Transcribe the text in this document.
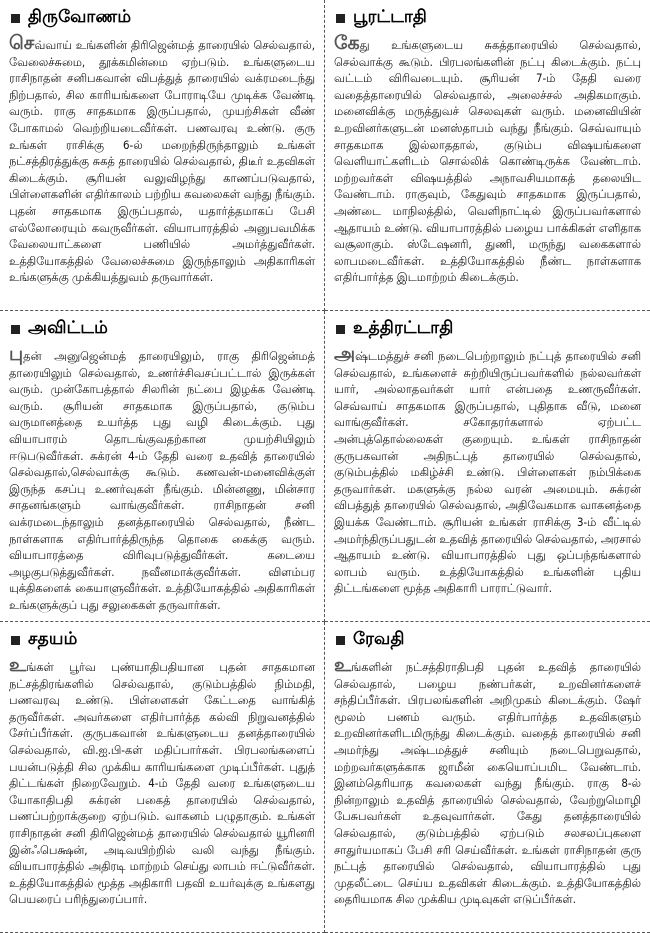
திருவோணம்
செவ்வாய் உங்களின் திரிஜென்மத் தாரையில் செல்வதால், வேலைச்சுமை, தூக்கமின்மை ஏற்படும். உங்களுடைய ராசிநாதன் சனிபகவான் விபத்துத் தாரையில் வக்ரமடைந்து நிற்பதால், சில காரியங்களை போராடியே முடிக்க வேண்டி வரும். ராகு சாதகமாக இருப்பதால், முயற்சிகள் வீண் போகாமல் வெற்றியடைவீர்கள். பணவரவு உண்டு. குரு உங்கள் ராசிக்கு 6-ல் மறைந்திருந்தாலும் உங்கள் நட்சத்திரத்துக்கு சுகத் தாரையில் செல்வதால், திடீர் உதவிகள் கிடைக்கும். சூரியன் வலுவிழந்து காணப்படுவதால், பிள்ளைகளின் எதிர்காலம் பற்றிய கவலைகள் வந்து நீங்கும். புதன் சாதகமாக இருப்பதால், யதார்த்தமாகப் பேசி எல்லோரையும் கவருவீர்கள். வியாபாரத்தில் அனுபவமிக்க வேலையாட்களை பணியில் அமர்த்துவீர்கள். உத்தியோகத்தில் வேலைச்சுமை இருந்தாலும் அதிகாரிகள் உங்களுக்கு முக்கியத்துவம் தருவார்கள்.
பூரட்டாதி
கேது உங்களுடைய சுகத்தாரையில் செல்வதால், செல்வாக்கு கூடும். பிரபலங்களின் நட்பு கிடைக்கும். நட்பு வட்டம் விரிவடையும். சூரியன் 7-ம் தேதி வரை வதைத்தாரையில் செல்வதால், அலைச்சல் அதிகமாகும். மனைவிக்கு மருத்துவச் செலவுகள் வரும். மனைவியின் உறவினர்களுடன் மனஸ்தாபம் வந்து நீங்கும். செவ்வாயும் சாதகமாக இல்லாததால், குடும்ப விஷயங்களை வெளியாட்களிடம் சொல்லிக் கொண்டிருக்க வேண்டாம். மற்றவர்கள் விஷயத்தில் அநாவசியமாகத் தலையிட வேண்டாம். ராகுவும், கேதுவும் சாதகமாக இருப்பதால், அண்டை மாநிலத்தில், வெளிநாட்டில் இருப்பவர்களால் ஆதாயம் உண்டு. வியாபாரத்தில் பழைய பாக்கிகள் எளிதாக வசூலாகும். ஸ்டேஷனரி, துணி, மருந்து வகைகளால் லாபமடைவீர்கள். உத்தியோகத்தில் நீண்ட நாள்களாக எதிர்பார்த்த இடமாற்றம் கிடைக்கும்.
அவிட்டம்
புதன் அனுஜென்மத் தாரையிலும், ராகு திரிஜென்மத் தாரையிலும் செல்வதால், உணர்ச்சிவசப்பட்டால் இருக்கள் வரும். முன்கோபத்தால் சிலரின் நட்பை இழக்க வேண்டி வரும். சூரியன் சாதகமாக இருப்பதால், குடும்ப வருமானத்தை உயர்த்த புது வழி கிடைக்கும். புது வியாபாரம் தொடங்குவதற்கான முயற்சியிலும் ஈடுபடுவீர்கள். சுக்ரன் 4-ம் தேதி வரை உதவித் தாரையில் செல்வதால்,செல்வாக்கு கூடும். கணவன்-மனைவிக்குள் இருந்த கசப்பு உணர்வுகள் நீங்கும். மின்னணு, மின்சார சாதனங்களும் வாங்குவீர்கள். ராசிநாதன் சனி வக்ரமடைந்தாலும் தனத்தாரையில் செல்வதால், நீண்ட நாள்களாக எதிர்பார்த்திருந்த தொகை கைக்கு வரும். வியாபாரத்தை விரிவுபடுத்துவீர்கள். கடையை அழகுபடுத்துவீர்கள். நவீனமாக்குவீர்கள். விளம்பர யுக்திகளைக் கையாளுவீர்கள். உத்தியோகத்தில் அதிகாரிகள் உங்களுக்குப் புது சலுகைகள் தருவார்கள்.
உத்திரட்டாதி
அஷ்டமத்துச் சனி நடைபெற்றாலும் நட்புத் தாரையில் சனி செல்வதால், உங்களைச் சுற்றியிருப்பவர்களில் நல்லவர்கள் யார், அல்லாதவர்கள் யார் என்பதை உணருவீர்கள். செவ்வாய் சாதகமாக இருப்பதால், புதிதாக வீடு, மனை வாங்குவீர்கள். சகோதரர்களால் ஏற்பட்ட அன்புத்தொல்லைகள் குறையும். உங்கள் ராசிநாதன் குருபகவான் அதிநட்புத் தாரையில் செல்வதால், குடும்பத்தில் மகிழ்ச்சி உண்டு. பிள்ளைகள் நம்பிக்கை தருவார்கள். மகளுக்கு நல்ல வரன் அமையும். சுக்ரன் விபத்துத் தாரையில் செல்வதால், அதிவேகமாக வாகனத்தை இயக்க வேண்டாம். சூரியன் உங்கள் ராசிக்கு 3-ம் வீட்டில் அமர்ந்திருப்பதுடன் உதவித் தாரையில் செல்வதால், அரசால் ஆதாயம் உண்டு. வியாபாரத்தில் புது ஒப்பந்தங்களால் லாபம் வரும். உத்தியோகத்தில் உங்களின் புதிய திட்டங்களை மூத்த அதிகாரி பாராட்டுவார்.
சதயம்
உங்கள் பூர்வ புண்யாதிபதியான புதன் சாதகமான நட்சத்திரங்களில் செல்வதால், குடும்பத்தில் நிம்மதி, பணவரவு உண்டு. பிள்ளைகள் கேட்டதை வாங்கித் தருவீர்கள். அவர்களை எதிர்பார்த்த கல்வி நிறுவனத்தில் சேர்ப்பீர்கள். குருபகவான் உங்களுடைய தனத்தாரையில் செல்வதால், வி.ஐ.பி-கள் மதிப்பார்கள். பிரபலங்களைப் பயன்படுத்தி சில முக்கிய காரியங்களை முடிப்பீர்கள். புதுத் திட்டங்கள் நிறைவேறும். 4-ம் தேதி வரை உங்களுடைய யோகாதிபதி சுக்ரன் பகைத் தாரையில் செல்வதால், பணப்பற்றாக்குறை ஏற்படும். வாகனம் பழுதாகும். உங்கள் ராசிநாதன் சனி திரிஜென்மத் தாரையில் செல்வதால் யூரினரி இன்ஃபெக்ஷன், அடிவயிற்றில் வலி வந்து நீங்கும். வியாபாரத்தில் அதிரடி மாற்றம் செய்து லாபம் ஈட்டுவீர்கள். உத்தியோகத்தில் மூத்த அதிகாரி பதவி உயர்வுக்கு உங்களது பெயரைப் பரிந்துரைப்பார்.
ரேவதி
உங்களின் நட்சத்திராதிபதி புதன் உதவித் தாரையில் செல்வதால், பழைய நண்பர்கள், உறவினர்களைச் சந்திப்பீர்கள். பிரபலங்களின் அறிமுகம் கிடைக்கும். ஷேர் மூலம் பணம் வரும். எதிர்பார்த்த உதவிகளும் உறவினர்களிடமிருந்து கிடைக்கும். வதைத் தாரையில் சனி அமர்ந்து அஷ்டமத்துச் சனியும் நடைபெறுவதால், மற்றவர்களுக்காக ஜாமீன் கையொப்பமிட வேண்டாம். இனம்தெரியாத கவலைகள் வந்து நீங்கும். ராகு 8-ல் நின்றாலும் உதவித் தாரையில் செல்வதால், வேற்றுமொழி பேசுபவர்கள் உதவுவார்கள். கேது தனத்தாரையில் செல்வதால், குடும்பத்தில் ஏற்படும் சலசலப்புகளை சாதுர்யமாகப் பேசி சரி செய்வீர்கள். உங்கள் ராசிநாதன் குரு நட்புத் தாரையில் செல்வதால், வியாபாரத்தில் புது முதலீட்டை செய்ய உதவிகள் கிடைக்கும். உத்தியோகத்தில் தைரியமாக சில முக்கிய முடிவுகள் எடுப்பீர்கள்.
